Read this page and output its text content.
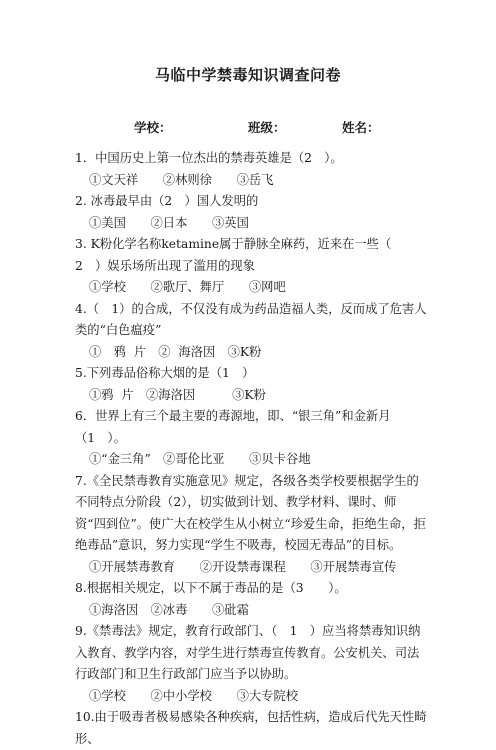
马临中学禁毒知识调查问卷
学校：	班级：	姓名：

1．中国历史上第一位杰出的禁毒英雄是（2　）。

①文天祥　　②林则徐　　③岳飞

2. 冰毒最早由（2　）国人发明的

①美国　　②日本　　③英国

3. K粉化学名称ketamine属于静脉全麻药，近来在一些（　2　）娱乐场所出现了滥用的现象

①学校　　②歌厅、舞厅　　③网吧

4.（　1）的合成，不仅没有成为药品造福人类，反而成了危害人类的“白色瘟疫”

①　鸦  片　②  海洛因　③K粉

5.下列毒品俗称大烟的是（1　）

①鸦  片　②海洛因　　　③K粉

6．世界上有三个最主要的毒源地，即、“银三角”和金新月（1　）。

①“金三角”　②哥伦比亚　　③贝卡谷地

7.《全民禁毒教育实施意见》规定，各级各类学校要根据学生的不同特点分阶段（2），切实做到计划、教学材料、课时、师资“四到位”。使广大在校学生从小树立“珍爱生命，拒绝生命，拒绝毒品”意识，努力实现“学生不吸毒，校园无毒品”的目标。

①开展禁毒教育　　②开设禁毒课程　　③开展禁毒宣传

8.根据相关规定，以下不属于毒品的是（3　　）。

①海洛因　②冰毒　　③砒霜

9.《禁毒法》规定，教育行政部门、（　1　）应当将禁毒知识纳入教育、教学内容，对学生进行禁毒宣传教育。公安机关、司法行政部门和卫生行政部门应当予以协助。

①学校　　②中小学校　　③大专院校

10.由于吸毒者极易感染各种疾病，包括性病，造成后代先天性畸形、
